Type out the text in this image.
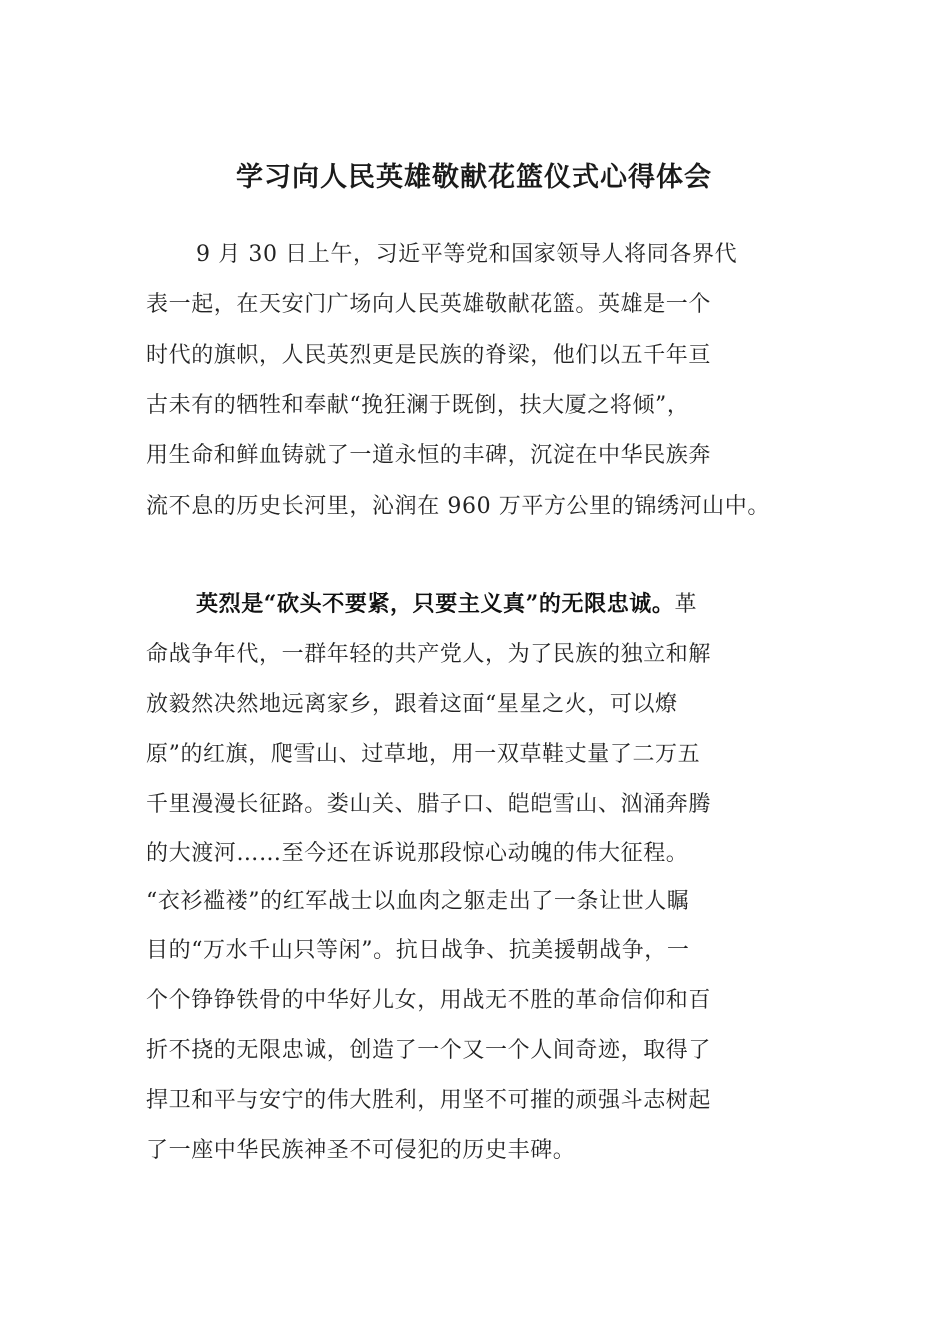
学习向人民英雄敬献花篮仪式心得体会
9 月 30 日上午，习近平等党和国家领导人将同各界代
表一起，在天安门广场向人民英雄敬献花篮。英雄是一个
时代的旗帜，人民英烈更是民族的脊梁，他们以五千年亘
古未有的牺牲和奉献“挽狂澜于既倒，扶大厦之将倾”，
用生命和鲜血铸就了一道永恒的丰碑，沉淀在中华民族奔
流不息的历史长河里，沁润在 960 万平方公里的锦绣河山中。
英烈是“砍头不要紧，只要主义真”的无限忠诚。革
命战争年代，一群年轻的共产党人，为了民族的独立和解
放毅然决然地远离家乡，跟着这面“星星之火，可以燎
原”的红旗，爬雪山、过草地，用一双草鞋丈量了二万五
千里漫漫长征路。娄山关、腊子口、皑皑雪山、汹涌奔腾
的大渡河……至今还在诉说那段惊心动魄的伟大征程。
“衣衫褴褛”的红军战士以血肉之躯走出了一条让世人瞩
目的“万水千山只等闲”。抗日战争、抗美援朝战争，一
个个铮铮铁骨的中华好儿女，用战无不胜的革命信仰和百
折不挠的无限忠诚，创造了一个又一个人间奇迹，取得了
捍卫和平与安宁的伟大胜利，用坚不可摧的顽强斗志树起
了一座中华民族神圣不可侵犯的历史丰碑。
